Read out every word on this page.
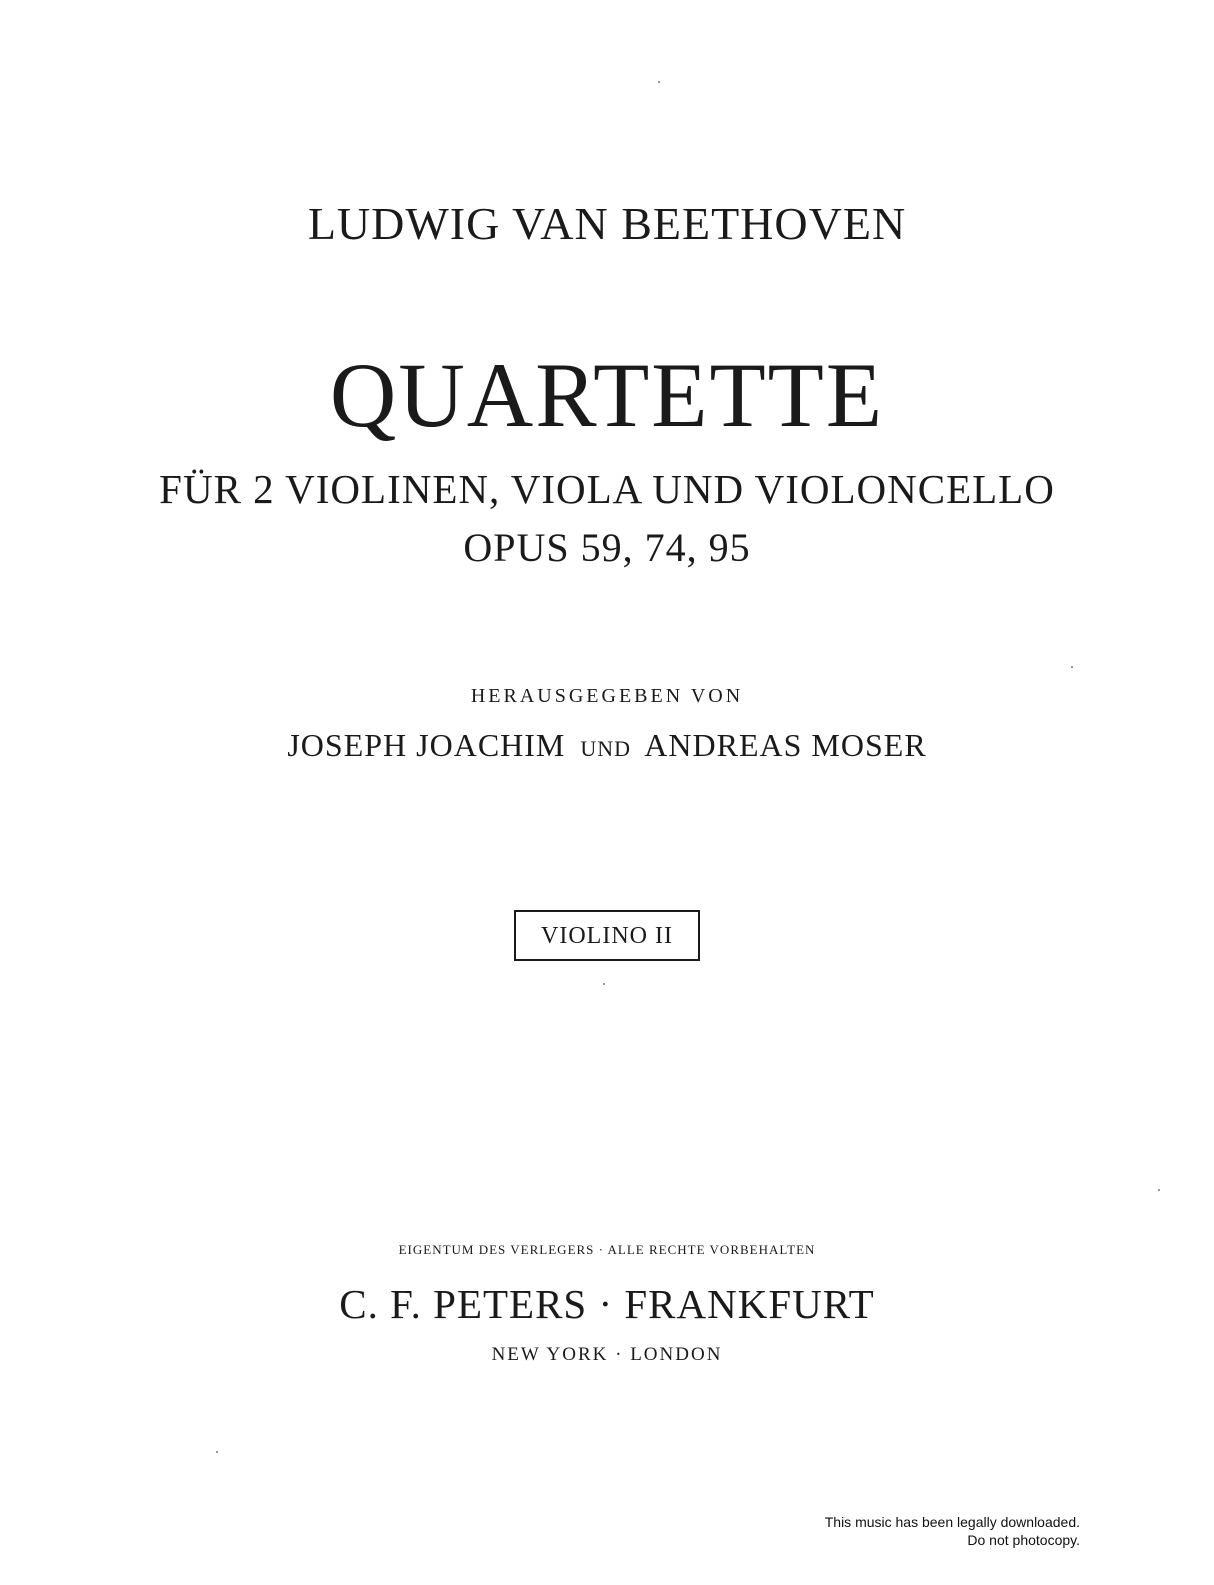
LUDWIG VAN BEETHOVEN
QUARTETTE
FÜR 2 VIOLINEN, VIOLA UND VIOLONCELLO
OPUS 59, 74, 95
HERAUSGEGEBEN VON
JOSEPH JOACHIM UND ANDREAS MOSER
VIOLINO II
EIGENTUM DES VERLEGERS · ALLE RECHTE VORBEHALTEN
C. F. PETERS · FRANKFURT
NEW YORK · LONDON
This music has been legally downloaded.
Do not photocopy.
